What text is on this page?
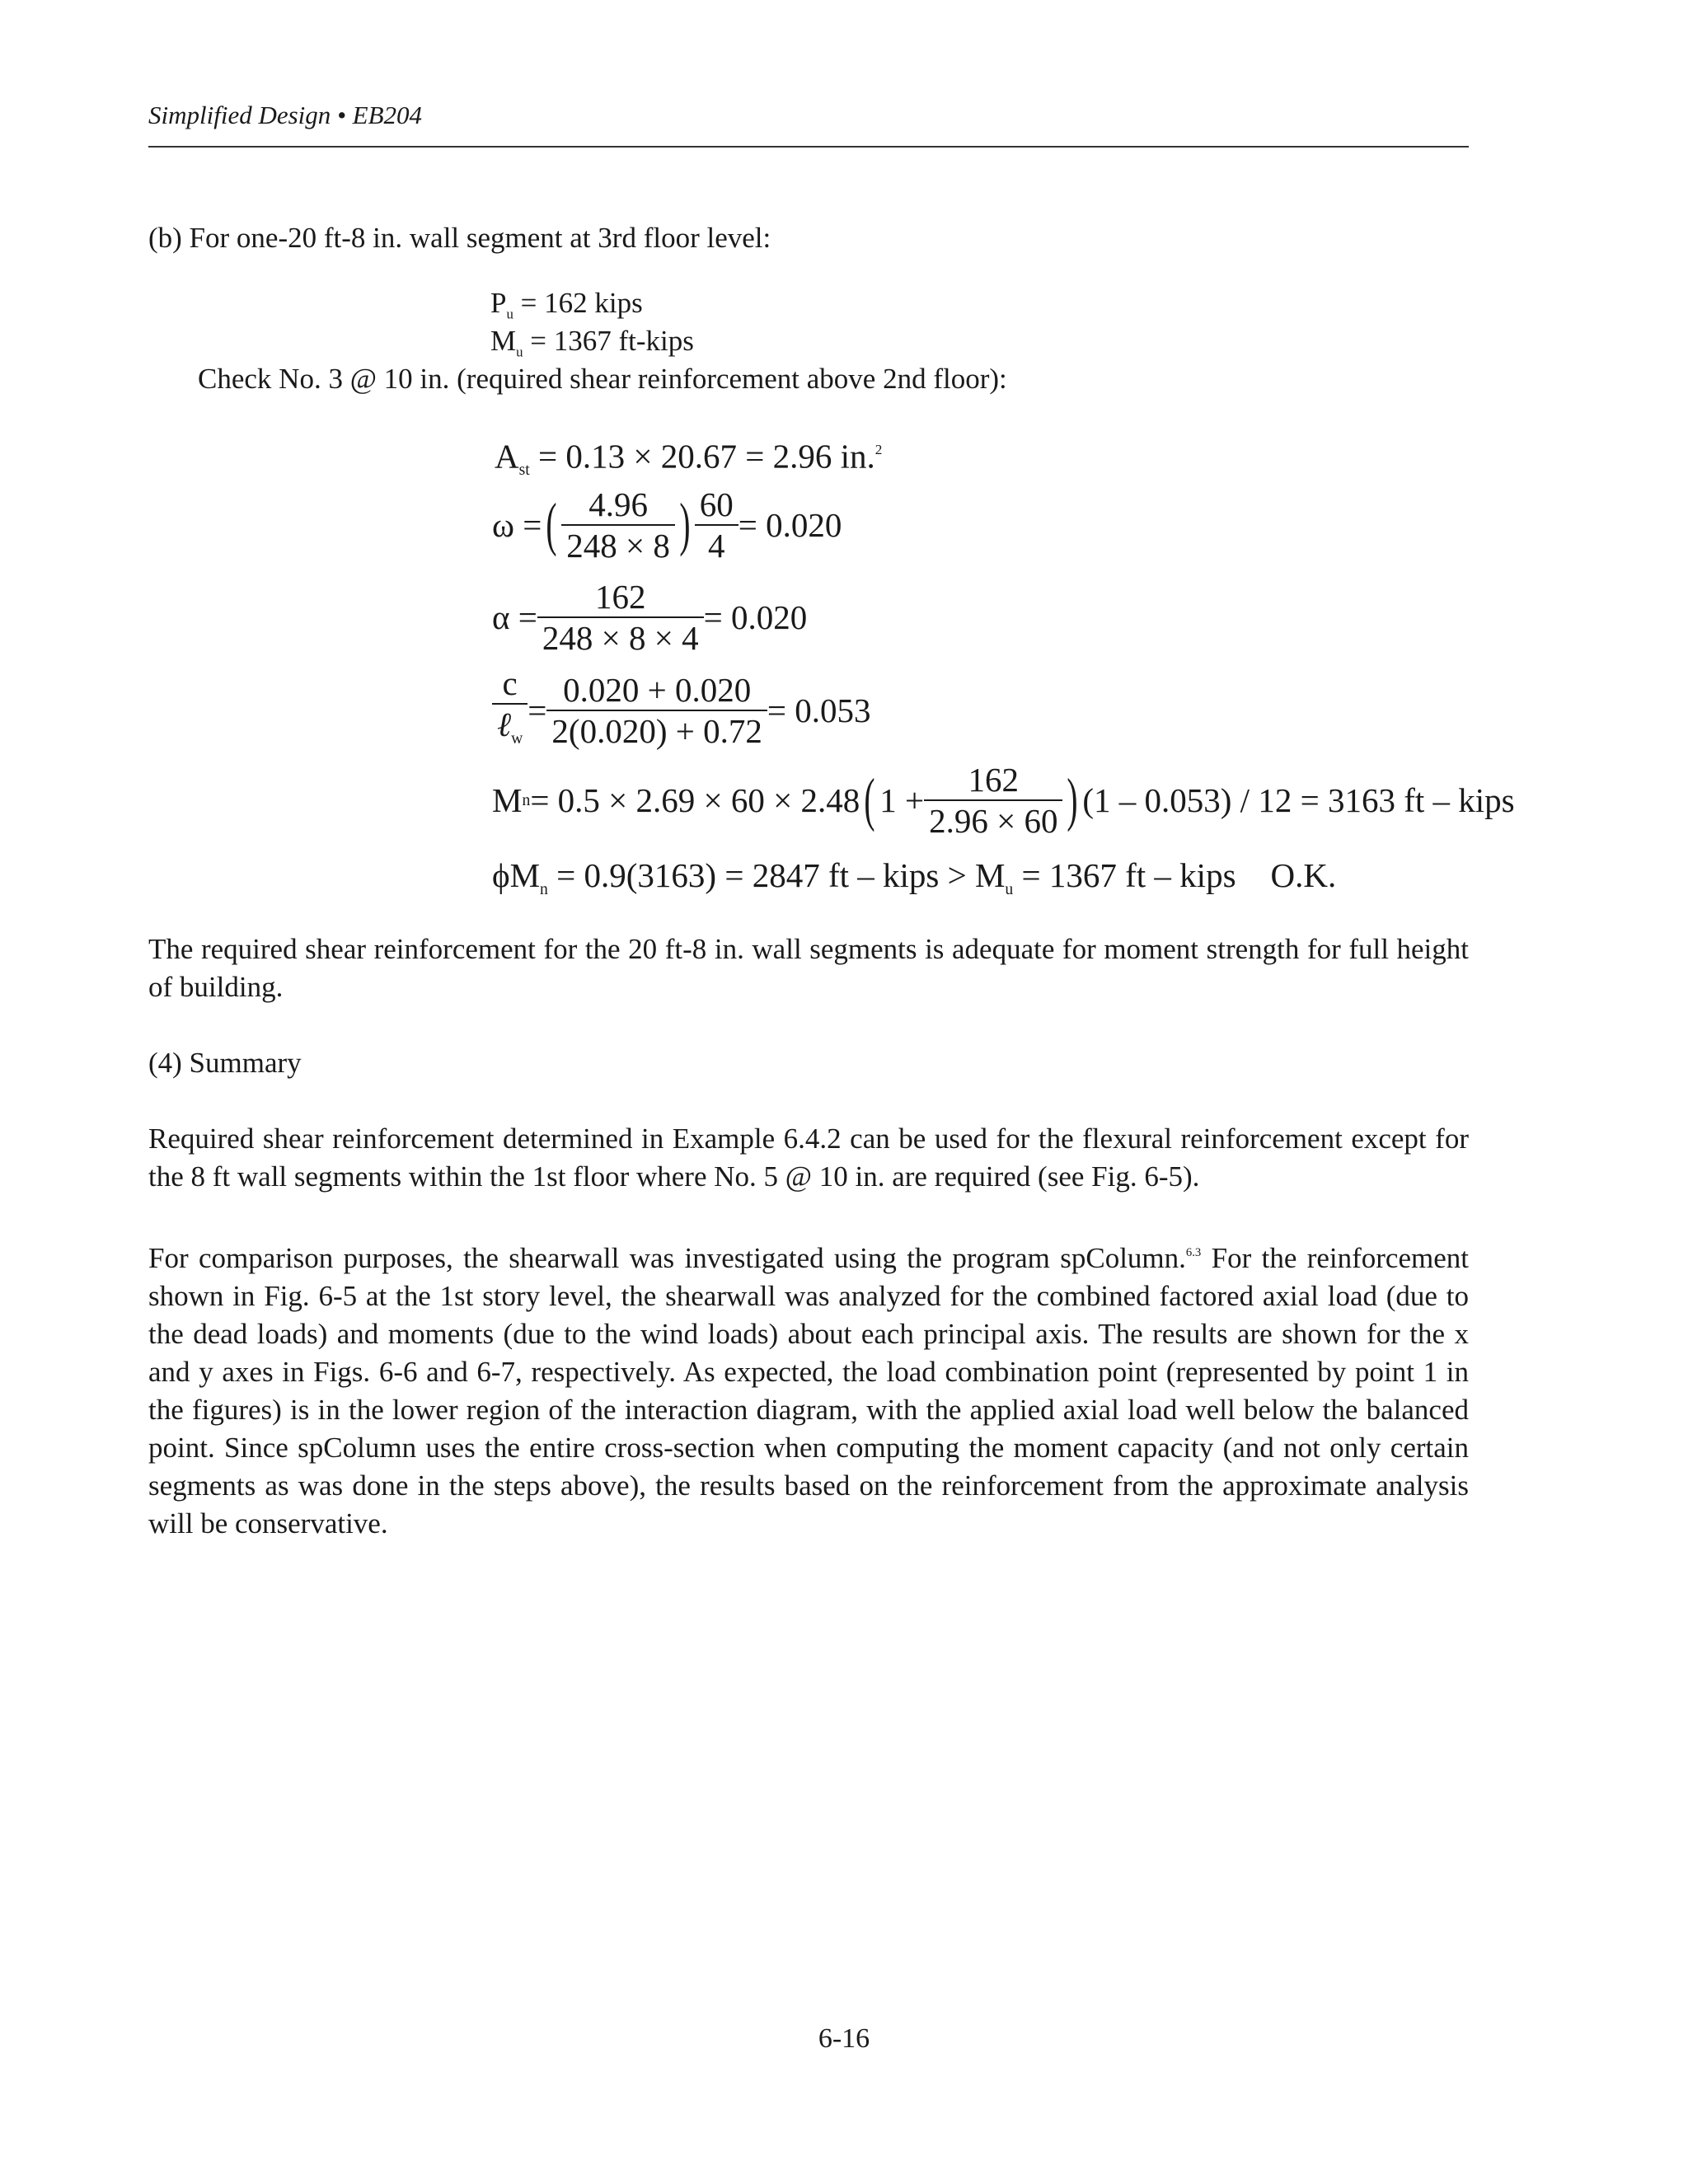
Simplified Design • EB204
(b) For one-20 ft-8 in. wall segment at 3rd floor level:
$P_u = 162$ kips
$M_u = 1367$ ft-kips
Check No. 3 @ 10 in. (required shear reinforcement above 2nd floor):
$A_{st} = 0.13 \times 20.67 = 2.96$ in.$^2$
ω = ( $\frac{4.96}{248 \times 8}$ ) $\frac{60}{4} = 0.020$
$\alpha = \frac{162}{248 \times 8 \times 4} = 0.020$
$\frac{c}{\ell_w} = \frac{0.020 + 0.020}{2(0.020) + 0.72} = 0.053$
M n = 0.5 × 2.69 × 60 × 2.48 ( $1 + \frac{162}{2.96 \times 60}$ ) (1 – 0.053) / 12 = 3163 ft – kips
$\phi M_n = 0.9(3163) = 2847$ ft – kips > $M_u = 1367$ ft – kips O.K.
The required shear reinforcement for the 20 ft-8 in. wall segments is adequate for moment strength for full height of building.
(4) Summary
Required shear reinforcement determined in Example 6.4.2 can be used for the flexural reinforcement except for the 8 ft wall segments within the 1st floor where No. 5 @ 10 in. are required (see Fig. 6-5).
For comparison purposes, the shearwall was investigated using the program spColumn.$^{6.3}$ For the reinforcement shown in Fig. 6-5 at the 1st story level, the shearwall was analyzed for the combined factored axial load (due to the dead loads) and moments (due to the wind loads) about each principal axis. The results are shown for the x and y axes in Figs. 6-6 and 6-7, respectively. As expected, the load combination point (represented by point 1 in the figures) is in the lower region of the interaction diagram, with the applied axial load well below the balanced point. Since spColumn uses the entire cross-section when computing the moment capacity (and not only certain segments as was done in the steps above), the results based on the reinforcement from the approximate analysis will be conservative.
6-16
